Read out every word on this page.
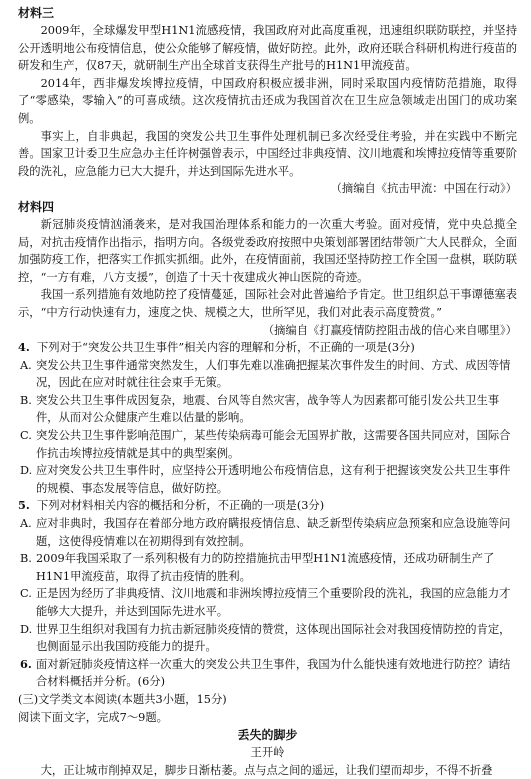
材料三

2009年，全球爆发甲型H1N1流感疫情，我国政府对此高度重视，迅速组织联防联控，并坚持公开透明地公布疫情信息，使公众能够了解疫情，做好防控。此外，政府还联合科研机构进行疫苗的研发和生产，仅87天，就研制生产出全球首支获得生产批号的H1N1甲流疫苗。

2014年，西非爆发埃博拉疫情，中国政府积极应援非洲，同时采取国内疫情防范措施，取得了“零感染，零输入”的可喜成绩。这次疫情抗击还成为我国首次在卫生应急领域走出国门的成功案例。

事实上，自非典起，我国的突发公共卫生事件处理机制已多次经受住考验，并在实践中不断完善。国家卫计委卫生应急办主任许树强曾表示，中国经过非典疫情、汶川地震和埃博拉疫情等重要阶段的洗礼，应急能力已大大提升，并达到国际先进水平。

（摘编自《抗击甲流：中国在行动》）

材料四

新冠肺炎疫情汹涌袭来，是对我国治理体系和能力的一次重大考验。面对疫情，党中央总揽全局，对抗击疫情作出指示，指明方向。各级党委政府按照中央策划部署团结带领广大人民群众，全面加强防疫工作，把落实工作抓实抓细。此外，在疫情面前，我国还坚持防控工作全国一盘棋，联防联控，“一方有难，八方支援”，创造了十天十夜建成火神山医院的奇迹。

我国一系列措施有效地防控了疫情蔓延，国际社会对此普遍给予肯定。世卫组织总干事谭德塞表示，“中方行动快速有力，速度之快、规模之大，世所罕见，我们对此表示高度赞赏。”

（摘编自《打赢疫情防控阻击战的信心来自哪里》）

4. 下列对于“突发公共卫生事件”相关内容的理解和分析，不正确的一项是(3分)

A. 突发公共卫生事件通常突然发生，人们事先难以准确把握某次事件发生的时间、方式、成因等情况，因此在应对时就往往会束手无策。

B. 突发公共卫生事件成因复杂，地震、台风等自然灾害，战争等人为因素都可能引发公共卫生事件，从而对公众健康产生难以估量的影响。

C. 突发公共卫生事件影响范围广，某些传染病毒可能会无国界扩散，这需要各国共同应对，国际合作抗击埃博拉疫情就是其中的典型案例。

D. 应对突发公共卫生事件时，应坚持公开透明地公布疫情信息，这有利于把握该突发公共卫生事件的规模、事态发展等信息，做好防控。

5. 下列对材料相关内容的概括和分析，不正确的一项是(3分)

A. 应对非典时，我国存在着部分地方政府瞒报疫情信息、缺乏新型传染病应急预案和应急设施等问题，这使得疫情难以在初期得到有效控制。

B. 2009年我国采取了一系列积极有力的防控措施抗击甲型H1N1流感疫情，还成功研制生产了H1N1甲流疫苗，取得了抗击疫情的胜利。

C. 正是因为经历了非典疫情、汶川地震和非洲埃博拉疫情三个重要阶段的洗礼，我国的应急能力才能够大大提升，并达到国际先进水平。

D. 世界卫生组织对我国有力抗击新冠肺炎疫情的赞赏，这体现出国际社会对我国疫情防控的肯定，也侧面显示出我国防疫能力的提升。

6. 面对新冠肺炎疫情这样一次重大的突发公共卫生事件，我国为什么能快速有效地进行防控？请结合材料概括并分析。(6分)

(三)文学类文本阅读(本题共3小题，15分)

阅读下面文字，完成7～9题。

丢失的脚步

王开岭

大，正让城市削掉双足，脚步日渐枯萎。点与点之间的遥远，让我们望而却步，不得不折叠
